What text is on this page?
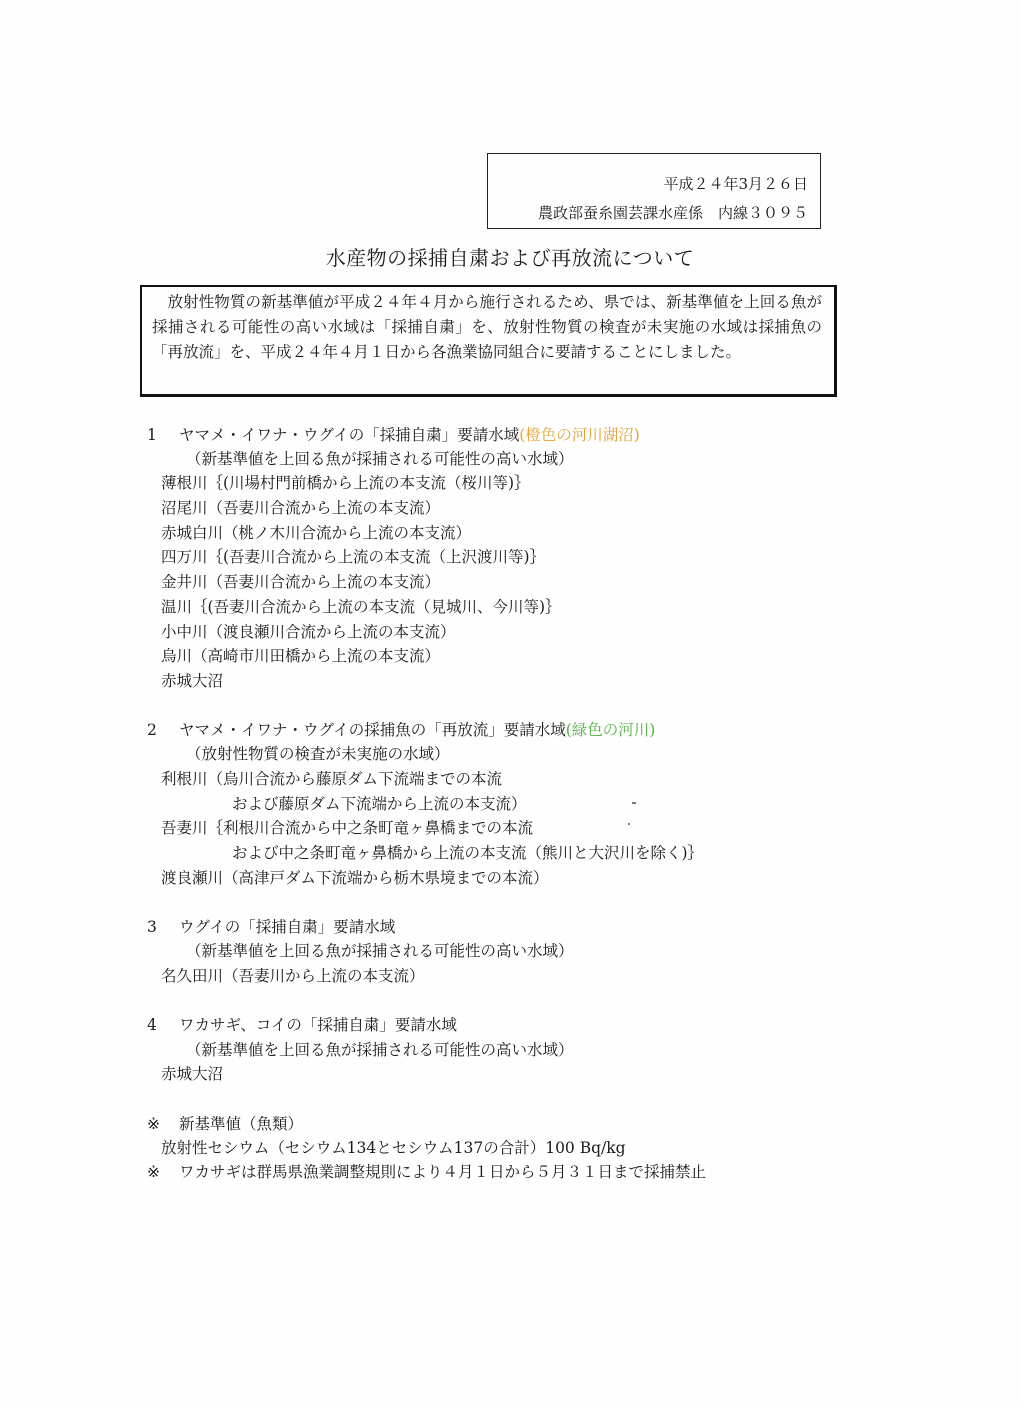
平成２４年3月２６日
農政部蚕糸園芸課水産係　内線３０９５
水産物の採捕自粛および再放流について

放射性物質の新基準値が平成２４年４月から施行されるため、県では、新基準値を上回る魚が採捕される可能性の高い水域は「採捕自粛」を、放射性物質の検査が未実施の水域は採捕魚の「再放流」を、平成２４年４月１日から各漁業協同組合に要請することにしました。

1 ヤマメ・イワナ・ウグイの「採捕自粛」要請水域(橙色の河川湖沼)
（新基準値を上回る魚が採捕される可能性の高い水域）
薄根川｛(川場村門前橋から上流の本支流（桜川等)｝
沼尾川（吾妻川合流から上流の本支流）
赤城白川（桃ノ木川合流から上流の本支流）
四万川｛(吾妻川合流から上流の本支流（上沢渡川等)｝
金井川（吾妻川合流から上流の本支流）
温川｛(吾妻川合流から上流の本支流（見城川、今川等)｝
小中川（渡良瀬川合流から上流の本支流）
烏川（高崎市川田橋から上流の本支流）
赤城大沼
2 ヤマメ・イワナ・ウグイの採捕魚の「再放流」要請水域(緑色の河川)
（放射性物質の検査が未実施の水域）
利根川（烏川合流から藤原ダム下流端までの本流
および藤原ダム下流端から上流の本支流）
吾妻川｛利根川合流から中之条町竜ヶ鼻橋までの本流
および中之条町竜ヶ鼻橋から上流の本支流（熊川と大沢川を除く)｝
渡良瀬川（高津戸ダム下流端から栃木県境までの本流）
3 ウグイの「採捕自粛」要請水域
（新基準値を上回る魚が採捕される可能性の高い水域）
名久田川（吾妻川から上流の本支流）
4 ワカサギ、コイの「採捕自粛」要請水域
（新基準値を上回る魚が採捕される可能性の高い水域）
赤城大沼
※ 新基準値（魚類）
放射性セシウム（セシウム134とセシウム137の合計）100 Bq/kg
※ ワカサギは群馬県漁業調整規則により４月１日から５月３１日まで採捕禁止
